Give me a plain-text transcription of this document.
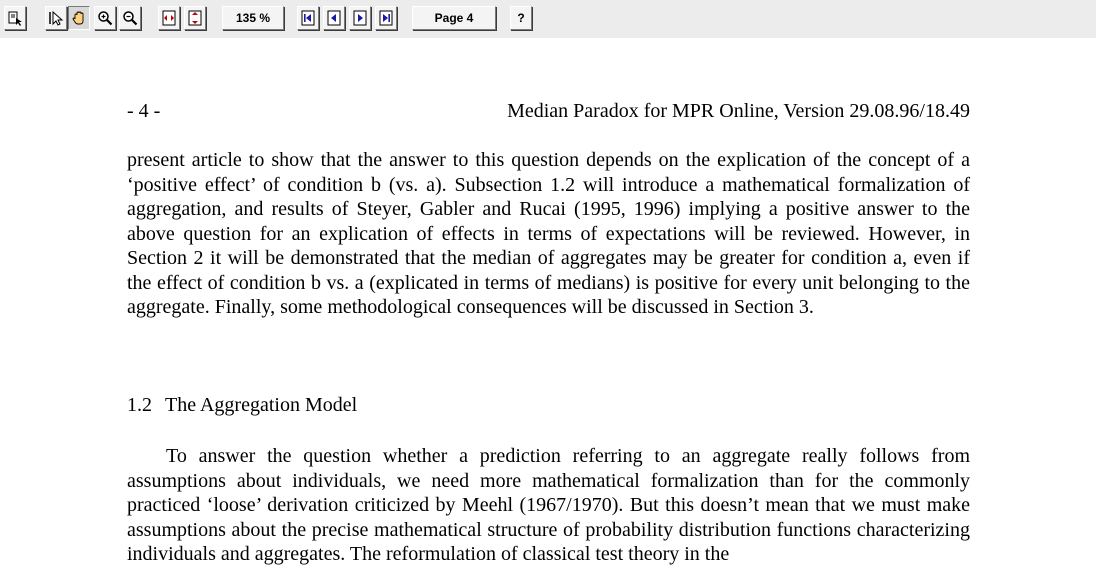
135 %	Page 4	?
- 4 -	Median Paradox for MPR Online, Version 29.08.96/18.49
present article to show that the answer to this question depends on the explication of the concept of a ‘positive effect’ of condition b (vs. a). Subsection 1.2 will introduce a mathematical formalization of aggregation, and results of Steyer, Gabler and Rucai (1995, 1996) implying a positive answer to the above question for an explication of effects in terms of expectations will be reviewed. However, in Section 2 it will be demonstrated that the median of aggregates may be greater for condition a, even if the effect of condition b vs. a (explicated in terms of medians) is positive for every unit belonging to the aggregate. Finally, some methodological consequences will be discussed in Section 3.
1.2 The Aggregation Model
To answer the question whether a prediction referring to an aggregate really follows from assumptions about individuals, we need more mathematical formalization than for the commonly practiced ‘loose’ derivation criticized by Meehl (1967/1970). But this doesn’t mean that we must make assumptions about the precise mathematical structure of probability distribution functions characterizing individuals and aggregates. The reformulation of classical test theory in the
